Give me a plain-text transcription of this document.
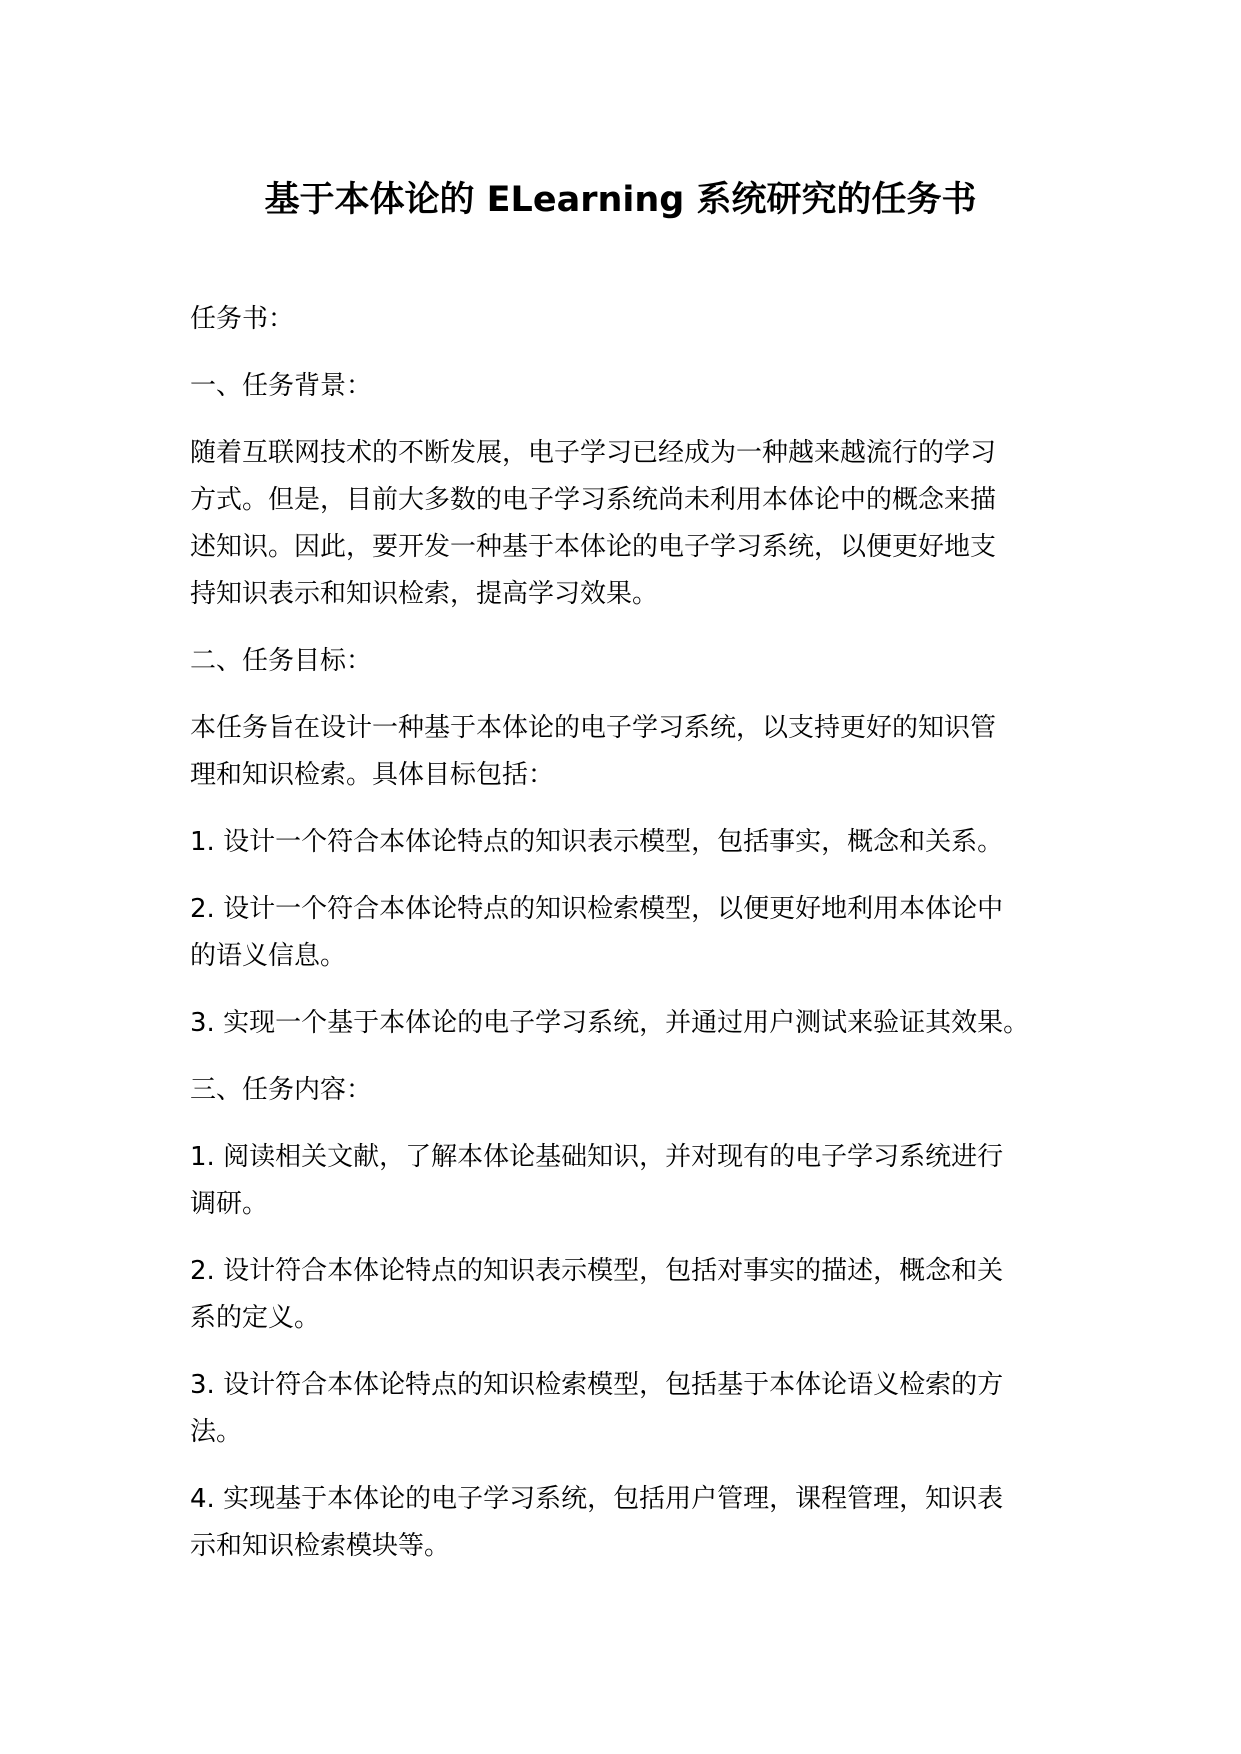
基于本体论的 ELearning 系统研究的任务书

任务书：

一、任务背景：

随着互联网技术的不断发展，电子学习已经成为一种越来越流行的学习
方式。但是，目前大多数的电子学习系统尚未利用本体论中的概念来描
述知识。因此，要开发一种基于本体论的电子学习系统，以便更好地支
持知识表示和知识检索，提高学习效果。

二、任务目标：

本任务旨在设计一种基于本体论的电子学习系统，以支持更好的知识管
理和知识检索。具体目标包括：

1. 设计一个符合本体论特点的知识表示模型，包括事实，概念和关系。

2. 设计一个符合本体论特点的知识检索模型，以便更好地利用本体论中
的语义信息。

3. 实现一个基于本体论的电子学习系统，并通过用户测试来验证其效果。

三、任务内容：

1. 阅读相关文献，了解本体论基础知识，并对现有的电子学习系统进行
调研。

2. 设计符合本体论特点的知识表示模型，包括对事实的描述，概念和关
系的定义。

3. 设计符合本体论特点的知识检索模型，包括基于本体论语义检索的方
法。

4. 实现基于本体论的电子学习系统，包括用户管理，课程管理，知识表
示和知识检索模块等。
